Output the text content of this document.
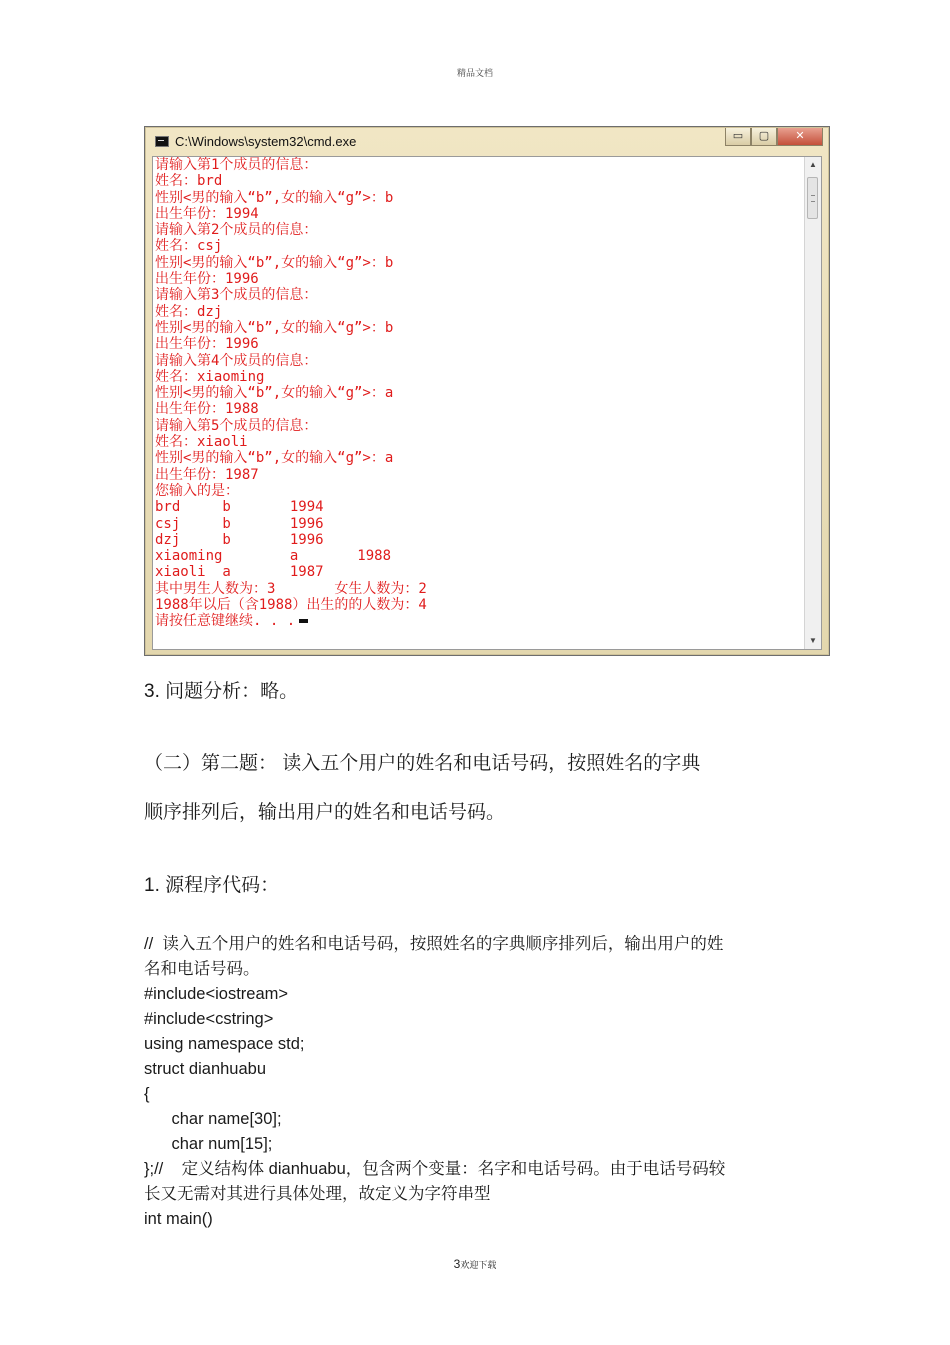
精品文档
C:\Windows\system32\cmd.exe	▭	▢	✕
请输入第1个成员的信息：
姓名：brd
性别<男的输入“b”,女的输入“g”>：b
出生年份：1994
请输入第2个成员的信息：
姓名：csj
性别<男的输入“b”,女的输入“g”>：b
出生年份：1996
请输入第3个成员的信息：
姓名：dzj
性别<男的输入“b”,女的输入“g”>：b
出生年份：1996
请输入第4个成员的信息：
姓名：xiaoming
性别<男的输入“b”,女的输入“g”>：a
出生年份：1988
请输入第5个成员的信息：
姓名：xiaoli
性别<男的输入“b”,女的输入“g”>：a
出生年份：1987
您输入的是：
brd     b       1994
csj     b       1996
dzj     b       1996
xiaoming        a       1988
xiaoli  a       1987
其中男生人数为：3       女生人数为：2
1988年以后（含1988）出生的的人数为：4
请按任意键继续. . .
▲
▼
3. 问题分析：略。
（二）第二题： 读入五个用户的姓名和电话号码，按照姓名的字典
顺序排列后，输出用户的姓名和电话号码。
1. 源程序代码：
//  读入五个用户的姓名和电话号码，按照姓名的字典顺序排列后，输出用户的姓
名和电话号码。
#include<iostream>
#include<cstring>
using namespace std;
struct dianhuabu
{
char name[30];
char num[15];
};//    定义结构体 dianhuabu，包含两个变量：名字和电话号码。由于电话号码较
长又无需对其进行具体处理，故定义为字符串型
int main()
3欢迎下载
